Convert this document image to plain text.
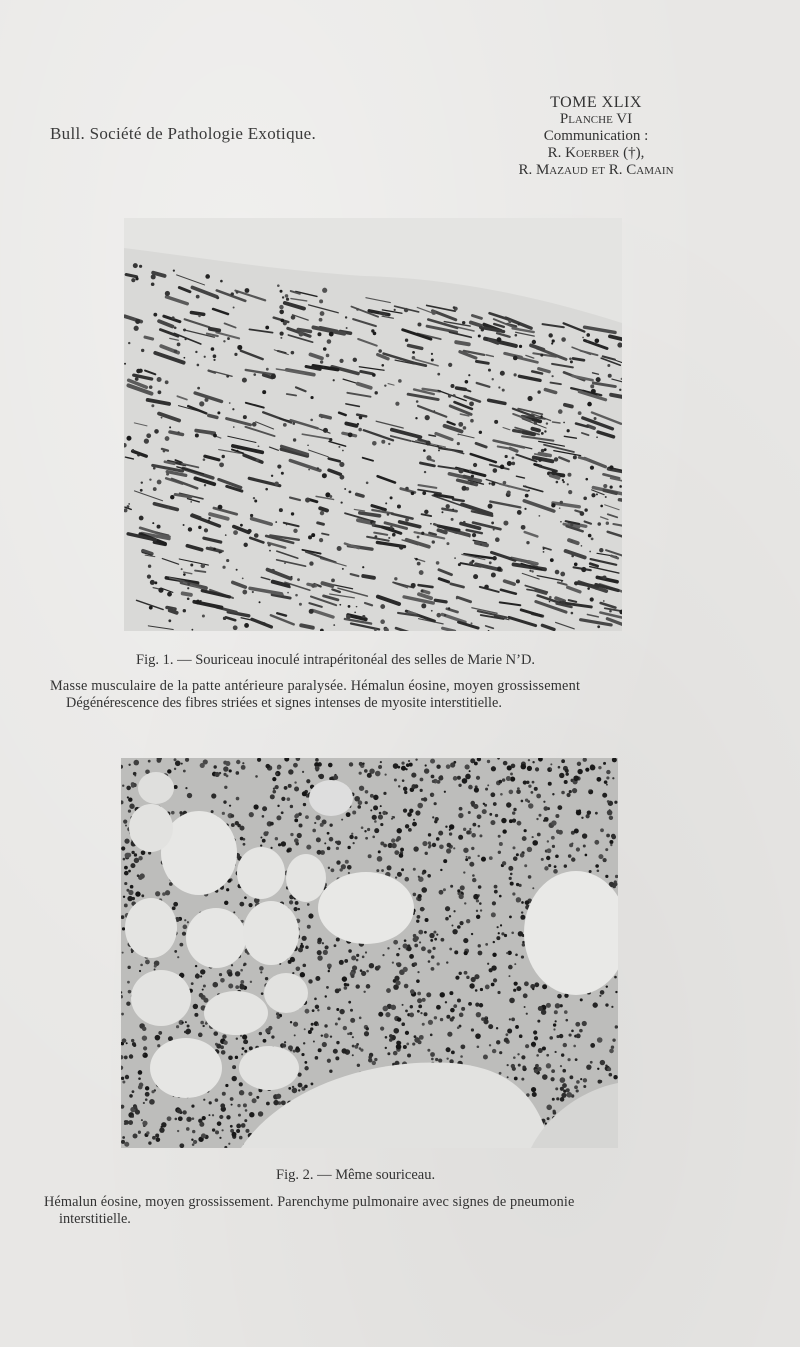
Bull. Société de Pathologie Exotique.
TOME XLIX
Planche VI
Communication :
R. Koerber (†),
R. Mazaud et R. Camain
Fig. 1. — Souriceau inoculé intrapéritonéal des selles de Marie N’D.
Masse musculaire de la patte antérieure paralysée. Hémalun éosine, moyen grossissement
Dégénérescence des fibres striées et signes intenses de myosite interstitielle.
Fig. 2. — Même souriceau.
Hémalun éosine, moyen grossissement. Parenchyme pulmonaire avec signes de pneumonie
interstitielle.
